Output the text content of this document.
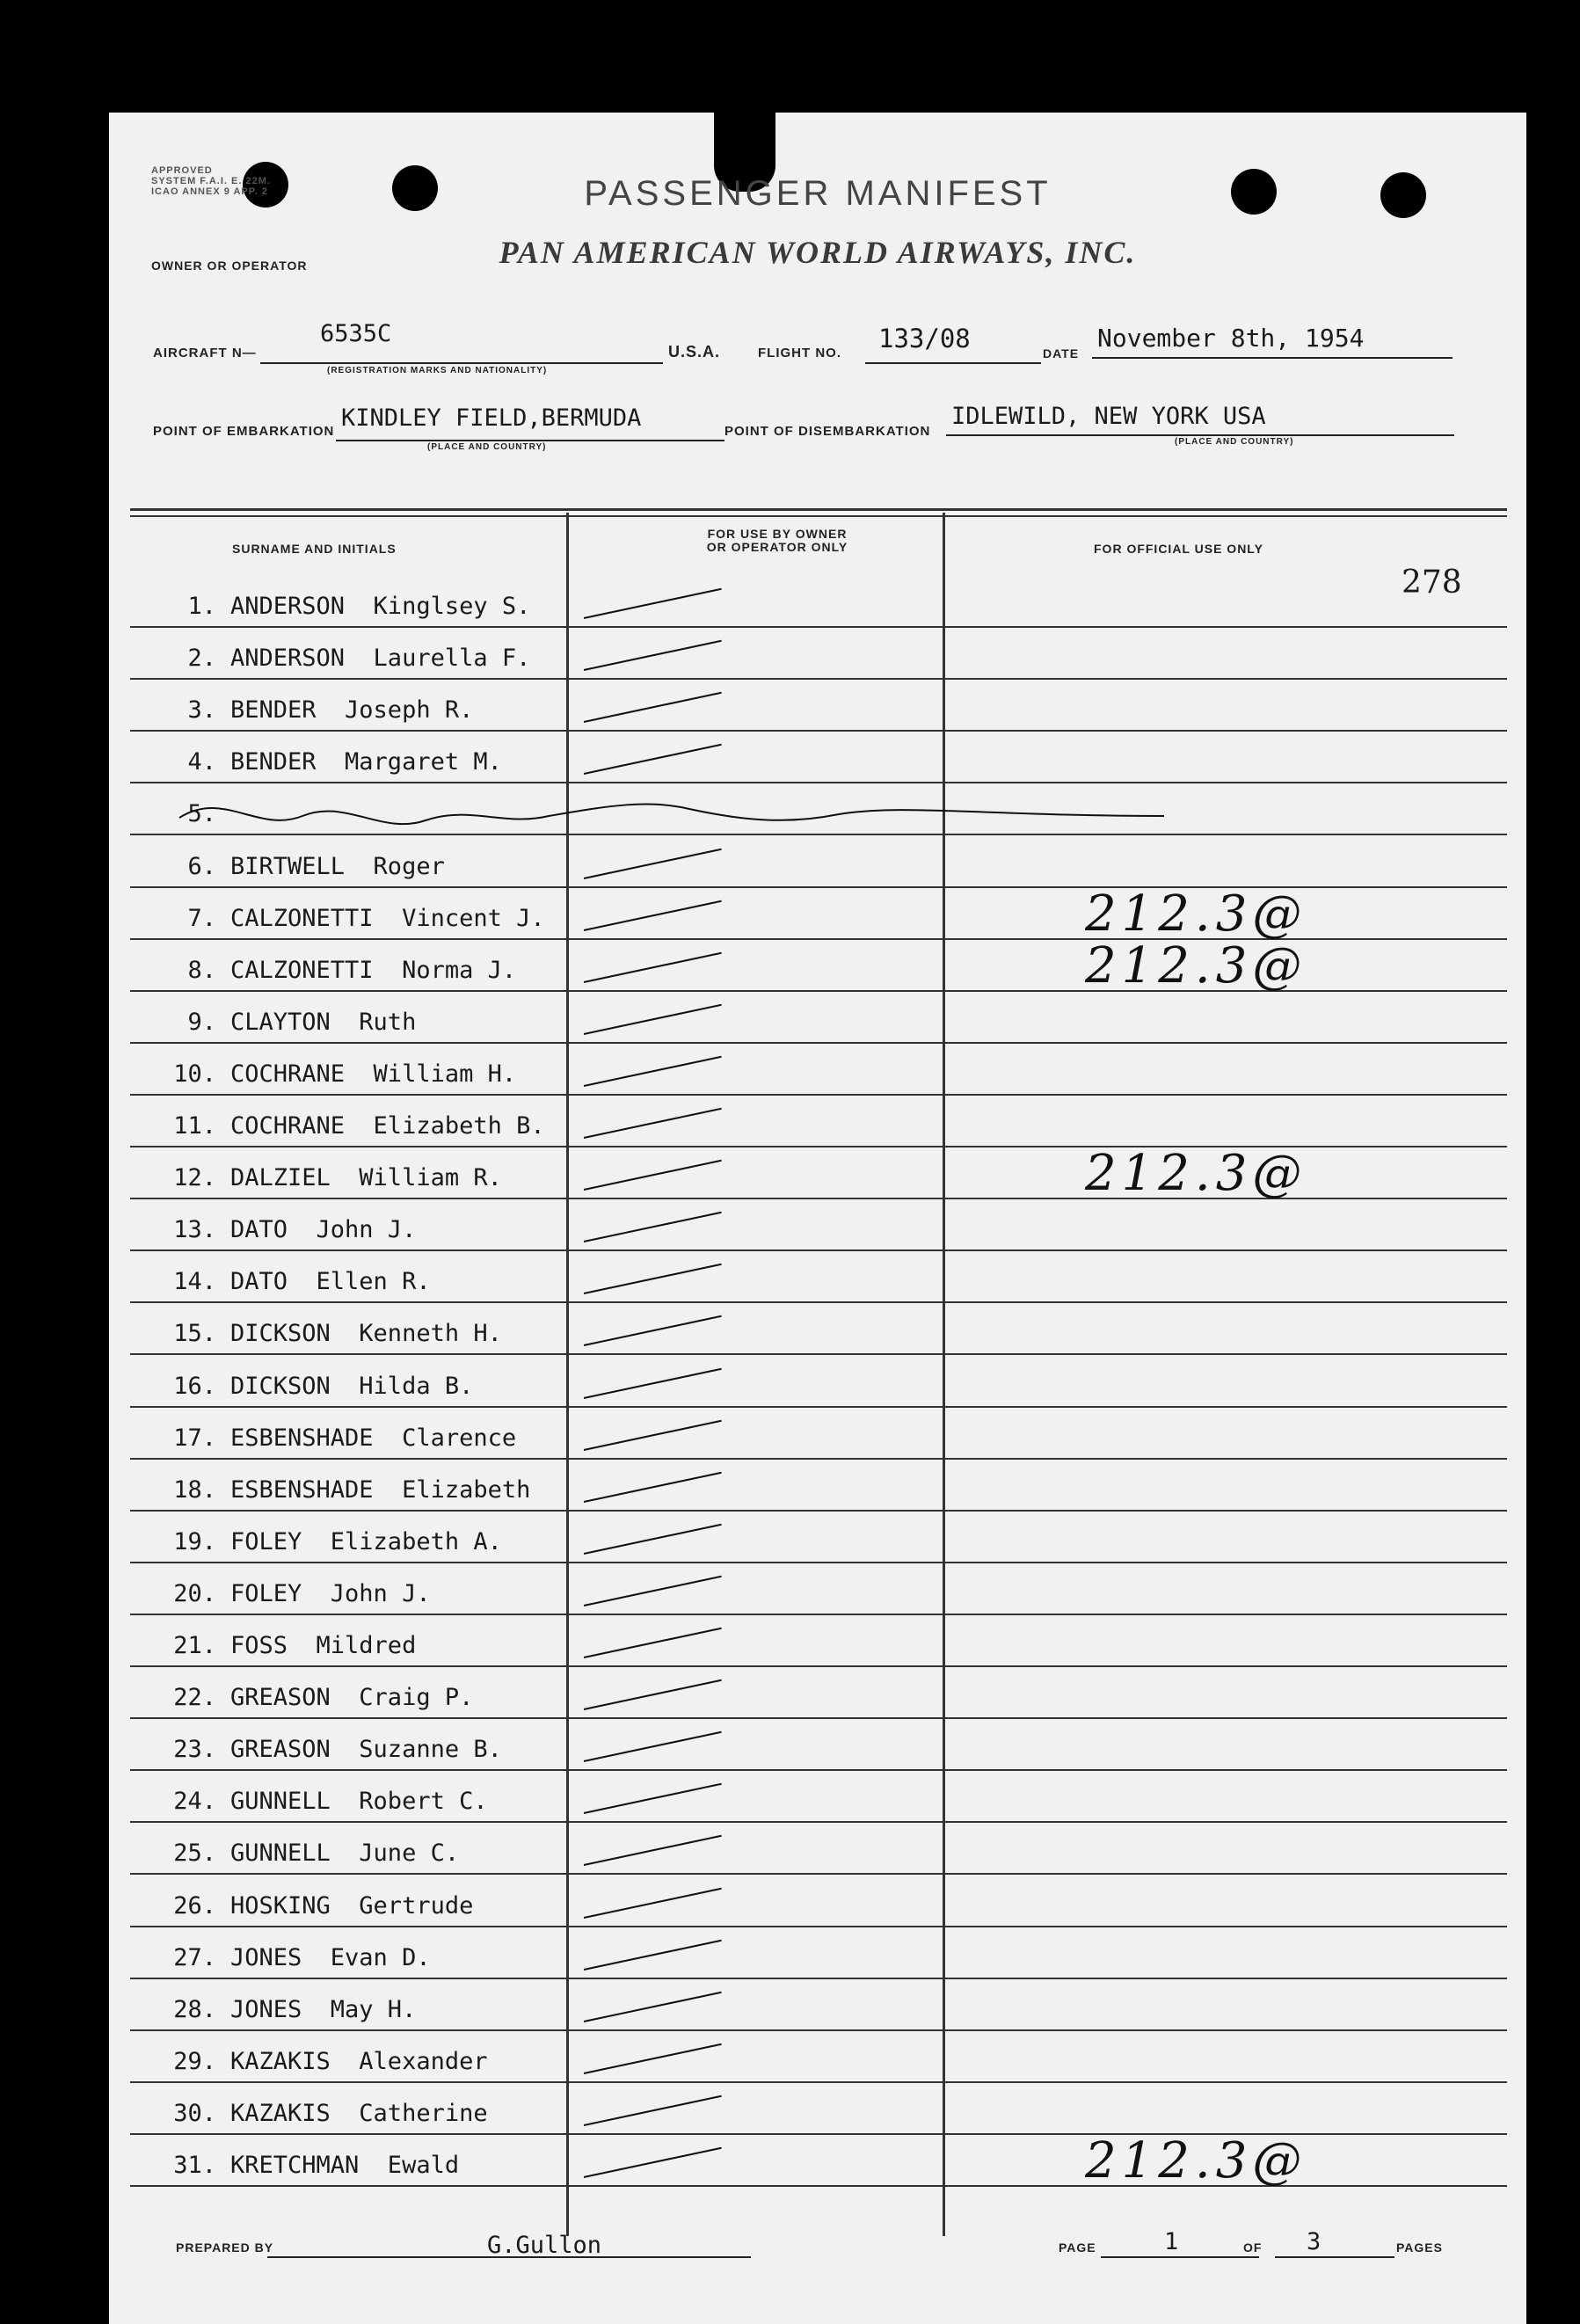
APPROVED
SYSTEM F.A.I. E. 22M.
ICAO ANNEX 9 APP. 2	PASSENGER MANIFEST
PAN AMERICAN WORLD AIRWAYS, INC.
OWNER OR OPERATOR
AIRCRAFT N—
6535C
(REGISTRATION MARKS AND NATIONALITY)
U.S.A.	FLIGHT NO. 133/08	DATE
November 8th, 1954
POINT OF EMBARKATION KINDLEY FIELD,BERMUDA
(PLACE AND COUNTRY)
POINT OF DISEMBARKATION
IDLEWILD, NEW YORK USA
(PLACE AND COUNTRY)
SURNAME AND INITIALS
FOR USE BY OWNER OR OPERATOR ONLY	FOR OFFICIAL USE ONLY
278
1. ANDERSON  Kinglsey S.
2. ANDERSON  Laurella F.
3. BENDER  Joseph R.
4. BENDER  Margaret M.
5.
6. BIRTWELL  Roger
7. CALZONETTI  Vincent J.	212.3@
8. CALZONETTI  Norma J.	212.3@
9. CLAYTON  Ruth
10. COCHRANE  William H.
11. COCHRANE  Elizabeth B.
12. DALZIEL  William R.	212.3@
13. DATO  John J.
14. DATO  Ellen R.
15. DICKSON  Kenneth H.
16. DICKSON  Hilda B.
17. ESBENSHADE  Clarence
18. ESBENSHADE  Elizabeth
19. FOLEY  Elizabeth A.
20. FOLEY  John J.
21. FOSS  Mildred
22. GREASON  Craig P.
23. GREASON  Suzanne B.
24. GUNNELL  Robert C.
25. GUNNELL  June C.
26. HOSKING  Gertrude
27. JONES  Evan D.
28. JONES  May H.
29. KAZAKIS  Alexander
30. KAZAKIS  Catherine
31. KRETCHMAN  Ewald	212.3@
PREPARED BY	G.Gullon	PAGE	1	OF 3	PAGES
